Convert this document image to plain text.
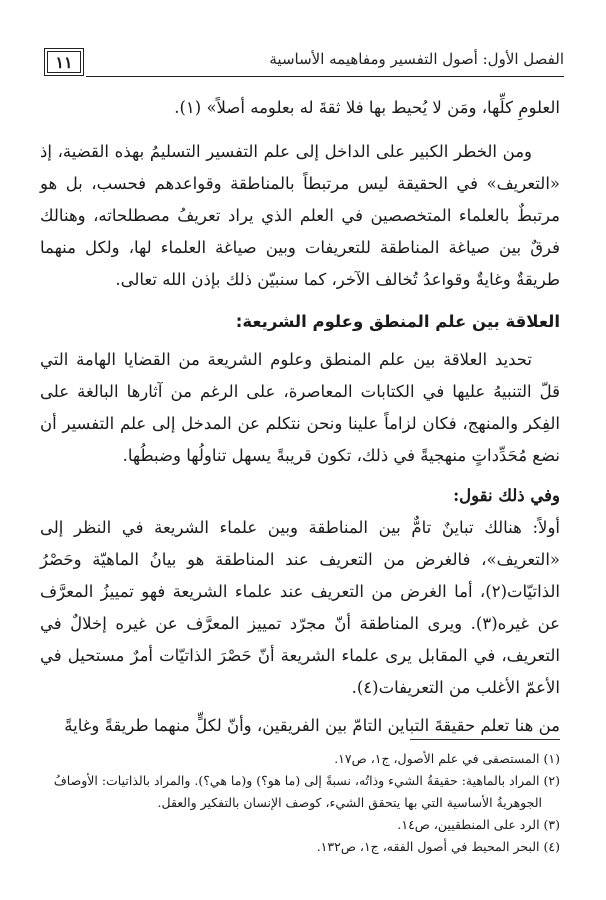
الفصل الأول: أصول التفسير ومفاهيمه الأساسية
١١

العلومِ كلِّها، ومَن لا يُحيط بها فلا ثقةَ له بعلومه أصلاً» (١).

ومن الخطر الكبير على الداخل إلى علم التفسير التسليمُ بهذه القضية، إذ «التعريف» في الحقيقة ليس مرتبطاً بالمناطقة وقواعدهم فحسب، بل هو مرتبطٌ بالعلماء المتخصصين في العلم الذي يراد تعريفُ مصطلحاته، وهنالك فرقٌ بين صياغة المناطقة للتعريفات وبين صياغة العلماء لها، ولكل منهما طريقةٌ وغايةٌ وقواعدُ تُخالف الآخر، كما سنبيّن ذلك بإذن الله تعالى.

العلاقة بين علم المنطق وعلوم الشريعة:

تحديد العلاقة بين علم المنطق وعلوم الشريعة من القضايا الهامة التي قلّ التنبيهُ عليها في الكتابات المعاصرة، على الرغم من آثارها البالغة على الفِكر والمنهج، فكان لزاماً علينا ونحن نتكلم عن المدخل إلى علم التفسير أن نضع مُحَدِّداتٍ منهجيةً في ذلك، تكون قريبةً يسهل تناولُها وضبطُها.

وفي ذلك نقول:

أولاً: هنالك تباينٌ تامٌّ بين المناطقة وبين علماء الشريعة في النظر إلى «التعريف»، فالغرض من التعريف عند المناطقة هو بيانُ الماهيّة وحَصْرُ الذاتيّات(٢)، أما الغرض من التعريف عند علماء الشريعة فهو تمييزُ المعرَّف عن غيره(٣). ويرى المناطقة أنّ مجرّد تمييز المعرَّف عن غيره إخلالٌ في التعريف، في المقابل يرى علماء الشريعة أنّ حَصْرَ الذاتيّات أمرٌ مستحيل في الأعمّ الأغلب من التعريفات(٤).

من هنا تعلم حقيقةَ التباين التامّ بين الفريقين، وأنّ لكلٍّ منهما طريقةً وغايةً

(١) المستصفى في علم الأصول، ج١، ص١٧.

(٢) المراد بالماهية: حقيقةُ الشيء وذاتُه، نسبةً إلى (ما هو؟) و(ما هي؟). والمراد بالذاتيات: الأوصافُ

الجوهريةُ الأساسية التي بها يتحقق الشيء، كوصف الإنسان بالتفكير والعقل.

(٣) الرد على المنطقيين، ص١٤.

(٤) البحر المحيط في أصول الفقه، ج١، ص١٣٢.
